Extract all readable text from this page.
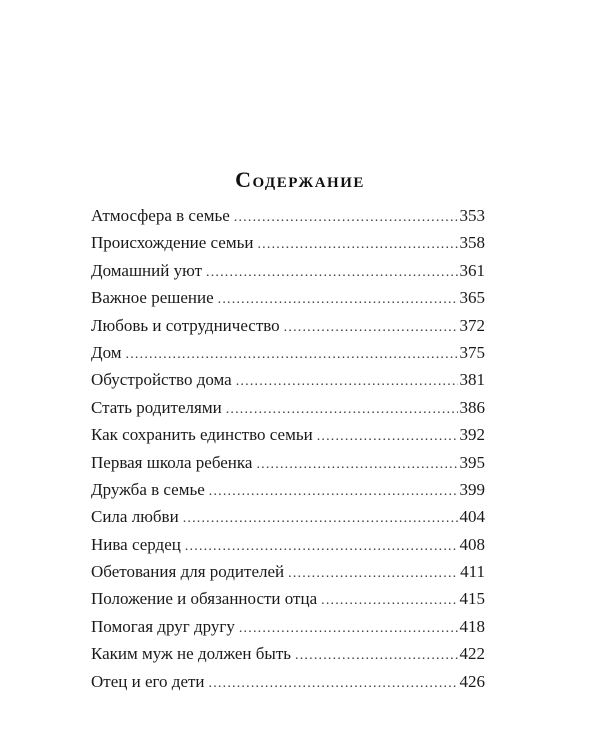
Содержание
Атмосфера в семье .....	353
Происхождение семьи .....	358
Домашний уют .....	361
Важное решение .....	365
Любовь и сотрудничество .....	372
Дом .....	375
Обустройство дома .....	381
Стать родителями .....	386
Как сохранить единство семьи .....	392
Первая школа ребенка .....	395
Дружба в семье .....	399
Сила любви .....	404
Нива сердец .....	408
Обетования для родителей .....	411
Положение и обязанности отца .....	415
Помогая друг другу .....	418
Каким муж не должен быть .....	422
Отец и его дети .....	426
